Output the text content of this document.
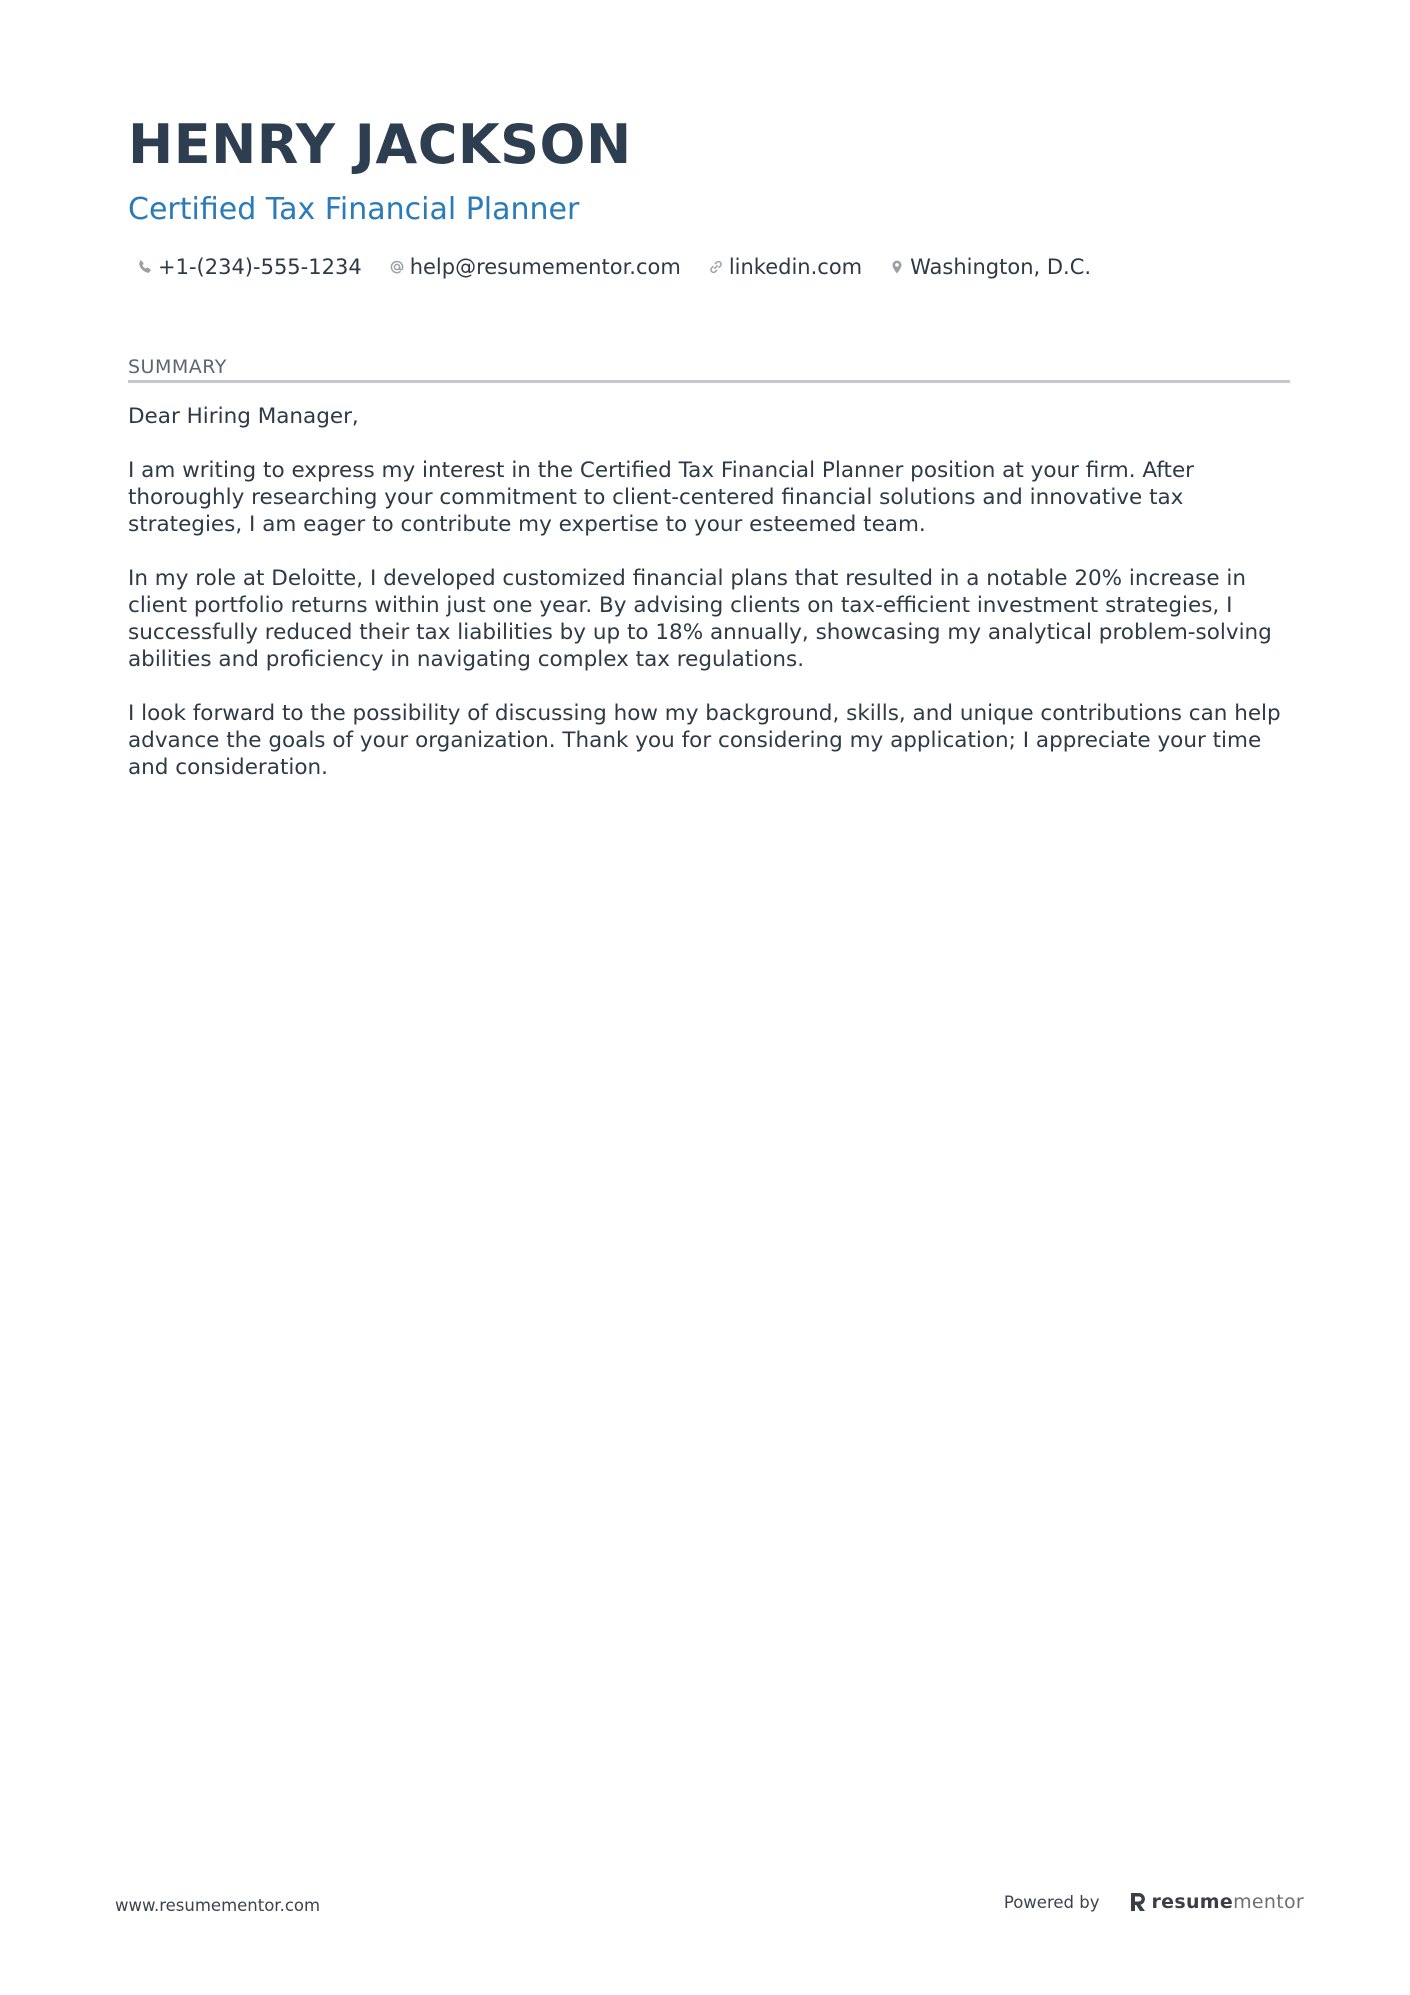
HENRY JACKSON
Certified Tax Financial Planner
+1-(234)-555-1234 help@resumementor.com linkedin.com Washington, D.C.
SUMMARY

Dear Hiring Manager,

I am writing to express my interest in the Certified Tax Financial Planner position at your firm. After thoroughly researching your commitment to client-centered financial solutions and innovative tax strategies, I am eager to contribute my expertise to your esteemed team.

In my role at Deloitte, I developed customized financial plans that resulted in a notable 20% increase in client portfolio returns within just one year. By advising clients on tax-efficient investment strategies, I successfully reduced their tax liabilities by up to 18% annually, showcasing my analytical problem-solving abilities and proficiency in navigating complex tax regulations.

I look forward to the possibility of discussing how my background, skills, and unique contributions can help advance the goals of your organization. Thank you for considering my application; I appreciate your time and consideration.

www.resumementor.com	Powered by	resume mentor
